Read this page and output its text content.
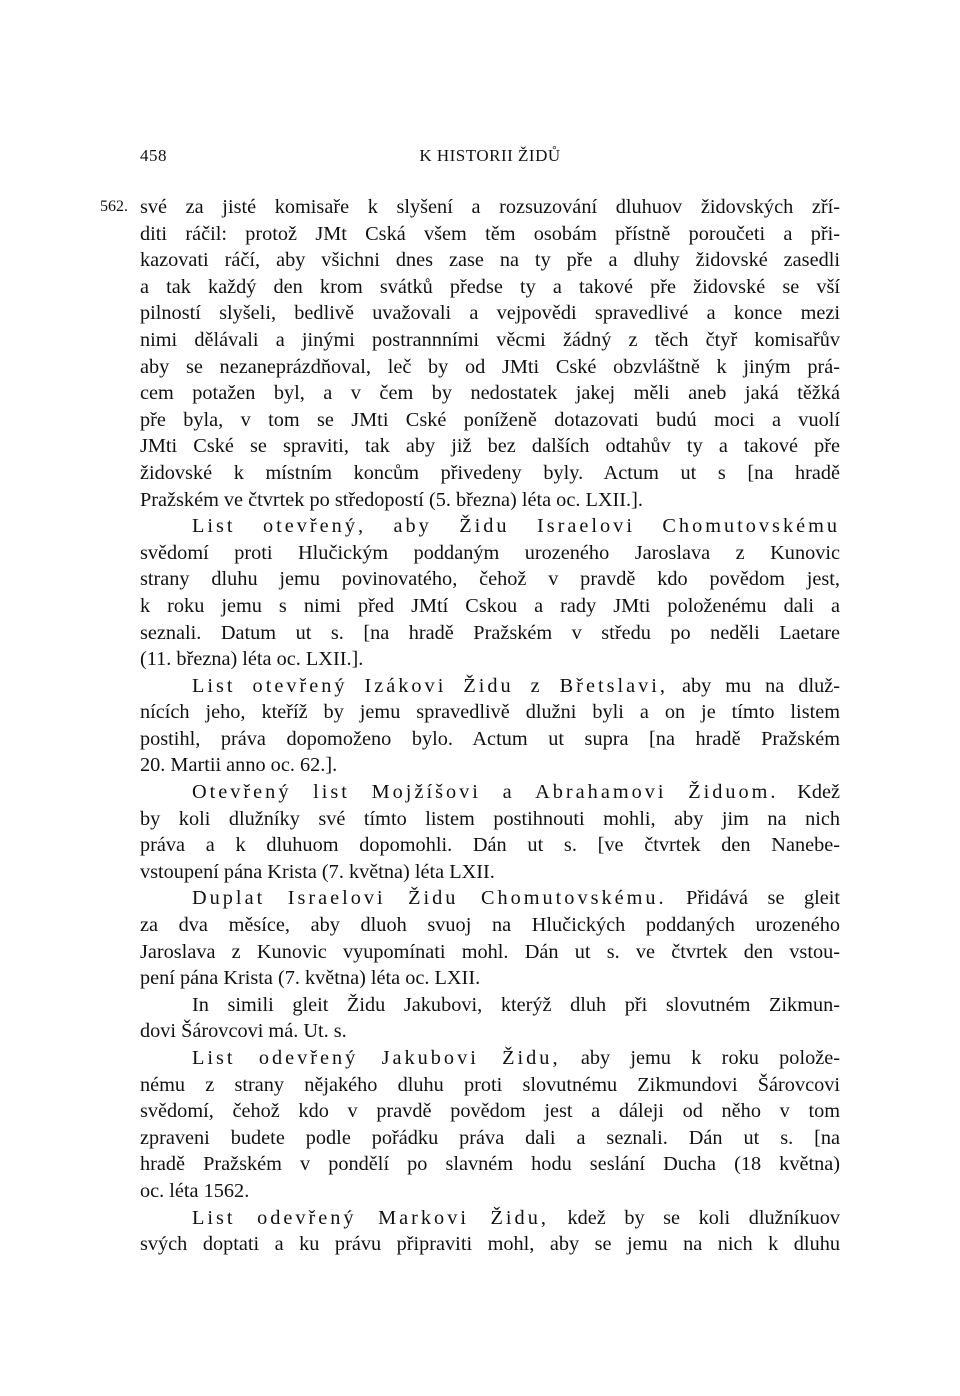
458	K HISTORII ŽIDŮ
562. své za jisté komisaře k slyšení a rozsuzování dluhuov židovských zří-
diti ráčil: protož JMt Cská všem těm osobám přístně poroučeti a při-
kazovati ráčí, aby všichni dnes zase na ty pře a dluhy židovské zasedli
a tak každý den krom svátků předse ty a takové pře židovské se vší
pilností slyšeli, bedlivě uvažovali a vejpovědi spravedlivé a konce mezi
nimi dělávali a jinými postrannními věcmi žádný z těch čtyř komisařův
aby se nezaneprázdňoval, leč by od JMti Cské obzvláštně k jiným prá-
cem potažen byl, a v čem by nedostatek jakej měli aneb jaká těžká
pře byla, v tom se JMti Cské poníženě dotazovati budú moci a vuolí
JMti Cské se spraviti, tak aby již bez dalších odtahův ty a takové pře
židovské k místním koncům přivedeny byly. Actum ut s [na hradě
Pražském ve čtvrtek po středopostí (5. března) léta oc. LXII.].

List otevřený, aby Židu Israelovi Chomutovskému
svědomí proti Hlučickým poddaným urozeného Jaroslava z Kunovic
strany dluhu jemu povinovatého, čehož v pravdě kdo povědom jest,
k roku jemu s nimi před JMtí Cskou a rady JMti položenému dali a
seznali. Datum ut s. [na hradě Pražském v středu po neděli Laetare
(11. března) léta oc. LXII.].

List otevřený Izákovi Židu z Břetslavi, aby mu na dluž-
nících jeho, kteříž by jemu spravedlivě dlužni byli a on je tímto listem
postihl, práva dopomoženo bylo. Actum ut supra [na hradě Pražském
20. Martii anno oc. 62.].

Otevřený list Mojžíšovi a Abrahamovi Židuom. Kdež
by koli dlužníky své tímto listem postihnouti mohli, aby jim na nich
práva a k dluhuom dopomohli. Dán ut s. [ve čtvrtek den Nanebe-
vstoupení pána Krista (7. května) léta LXII.

Duplat Israelovi Židu Chomutovskému. Přidává se gleit
za dva měsíce, aby dluoh svuoj na Hlučických poddaných urozeného
Jaroslava z Kunovic vyupomínati mohl. Dán ut s. ve čtvrtek den vstou-
pení pána Krista (7. května) léta oc. LXII.

In simili gleit Židu Jakubovi, kterýž dluh při slovutném Zikmun-
dovi Šárovcovi má. Ut. s.

List odevřený Jakubovi Židu, aby jemu k roku polože-
nému z strany nějakého dluhu proti slovutnému Zikmundovi Šárovcovi
svědomí, čehož kdo v pravdě povědom jest a dáleji od něho v tom
zpraveni budete podle pořádku práva dali a seznali. Dán ut s. [na
hradě Pražském v pondělí po slavném hodu seslání Ducha (18 května)
oc. léta 1562.

List odevřený Markovi Židu, kdež by se koli dlužníkuov
svých doptati a ku právu připraviti mohl, aby se jemu na nich k dluhu
